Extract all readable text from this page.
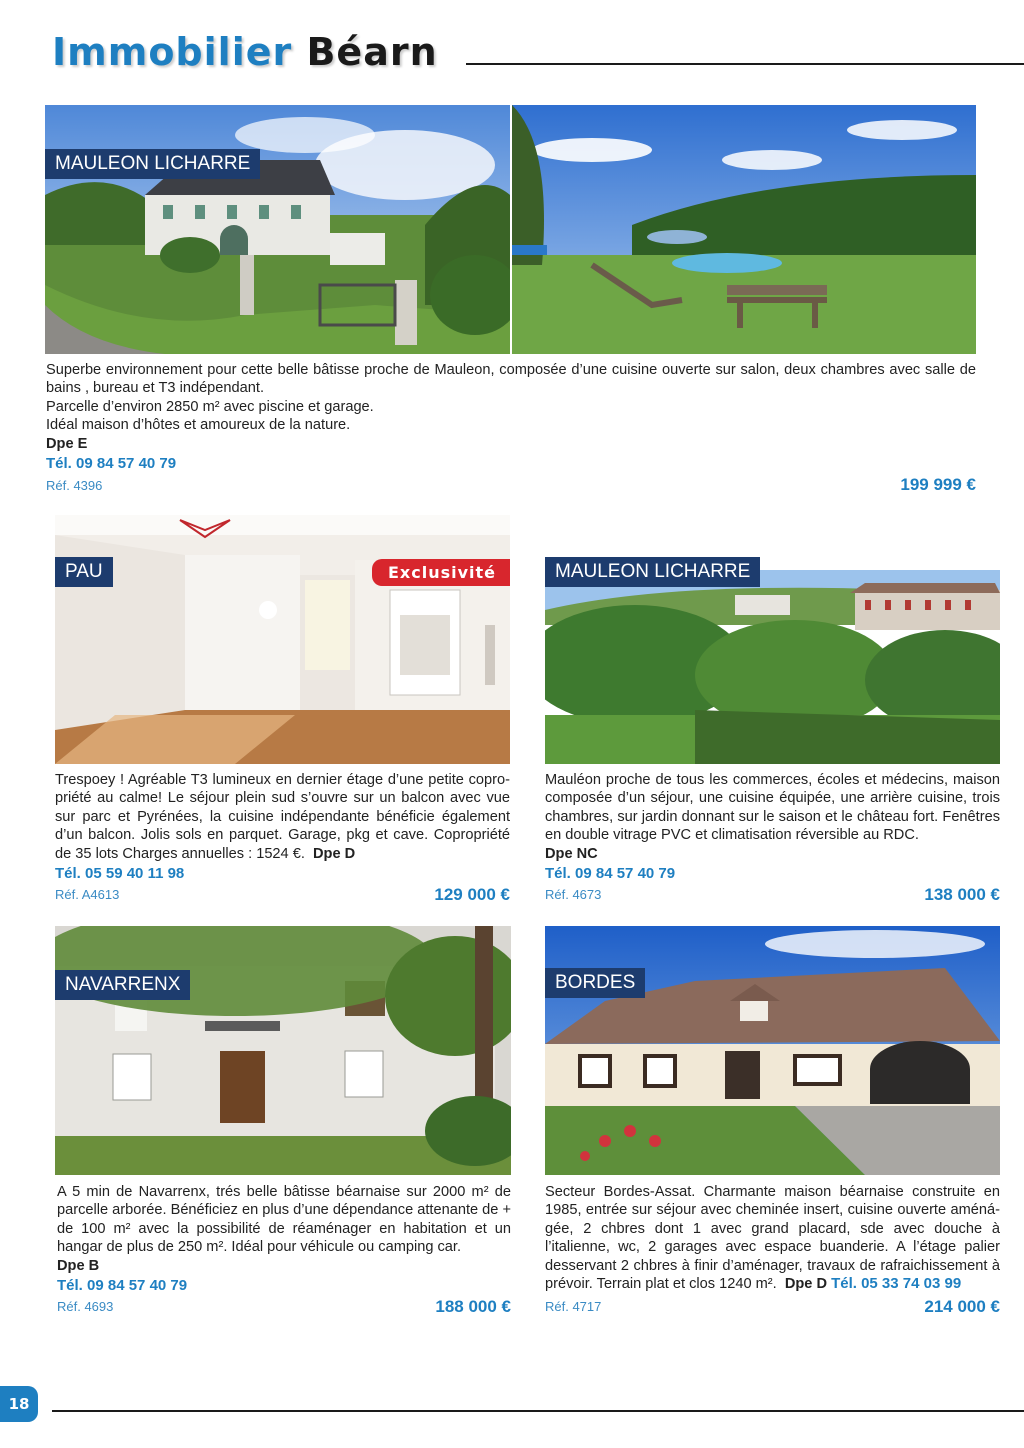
Immobilier Béarn
MAULEON LICHARRE

Superbe environnement pour cette belle bâtisse proche de Mauleon, composée d’une cuisine ouverte sur salon, deux chambres avec salle de bains , bureau et T3 indépendant.

Parcelle d’environ 2850 m² avec piscine et garage.

Idéal maison d’hôtes et amoureux de la nature.

Dpe E

Tél. 09 84 57 40 79

Réf. 4396	199 999 €
PAU	Exclusivité

Trespoey ! Agréable T3 lumineux en dernier étage d’une petite copropriété au calme! Le séjour plein sud s’ouvre sur un balcon avec vue sur parc et Pyrénées, la cuisine indépendante bénéficie également d’un balcon. Jolis sols en parquet. Garage, pkg et cave. Copropriété de 35 lots Charges annuelles : 1524 €. Dpe D

Tél. 05 59 40 11 98

Réf. A4613	129 000 €
MAULEON LICHARRE

Mauléon proche de tous les commerces, écoles et médecins, maison composée d’un séjour, une cuisine équipée, une arrière cuisine, trois chambres, sur jardin donnant sur le saison et le château fort. Fenêtres en double vitrage PVC et climatisation réversible au RDC.

Dpe NC

Tél. 09 84 57 40 79

Réf. 4673	138 000 €
NAVARRENX

A 5 min de Navarrenx, trés belle bâtisse béarnaise sur 2000 m² de parcelle arborée. Bénéficiez en plus d’une dépendance attenante de + de 100 m² avec la possibilité de réaménager en habitation et un hangar de plus de 250 m². Idéal pour véhicule ou camping car.

Dpe B

Tél. 09 84 57 40 79

Réf. 4693	188 000 €
BORDES

Secteur Bordes-Assat. Charmante maison béarnaise construite en 1985, entrée sur séjour avec cheminée insert, cuisine ouverte aménágée, 2 chbres dont 1 avec grand placard, sde avec douche à l’italienne, wc, 2 garages avec espace buanderie. A l’étage palier desservant 2 chbres à finir d’aménager, travaux de rafraichissement à prévoir. Terrain plat et clos 1240 m². Dpe D Tél. 05 33 74 03 99

Réf. 4717	214 000 €
18
